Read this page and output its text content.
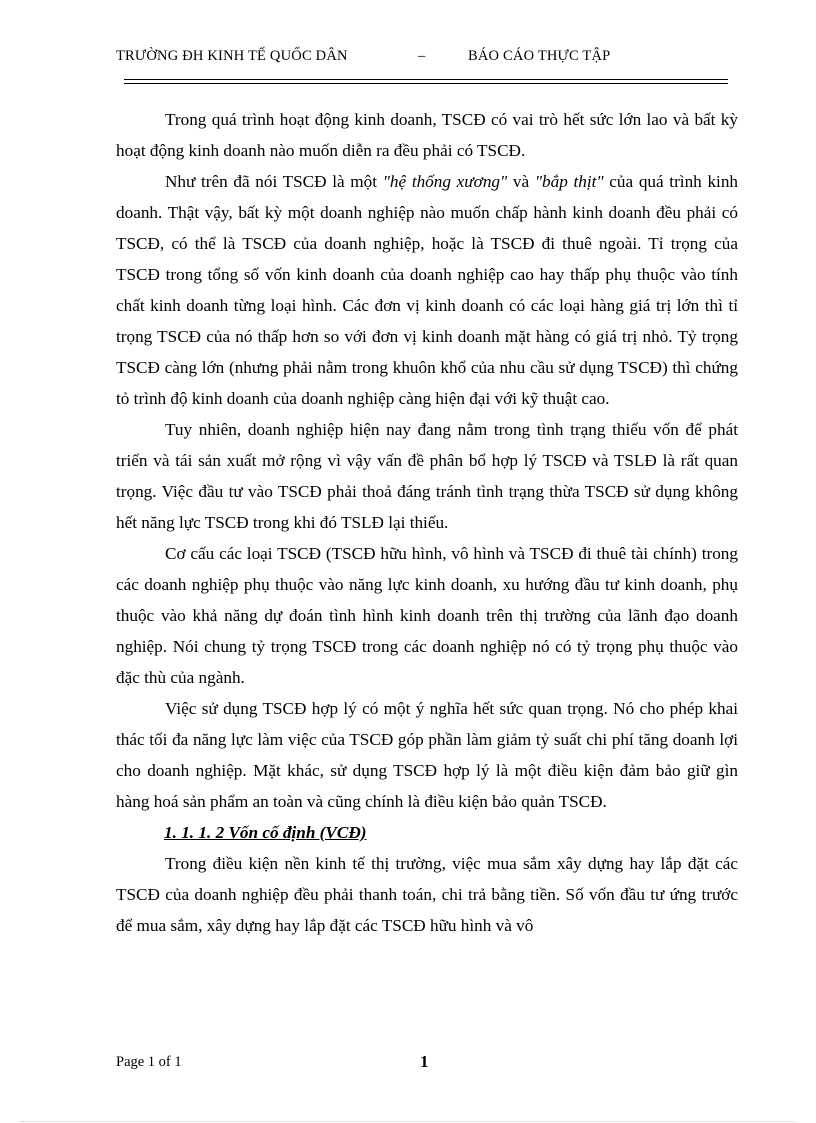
TRƯỜNG ĐH KINH TẾ QUỐC DÂN	–	BÁO CÁO THỰC TẬP

Trong quá trình hoạt động kinh doanh, TSCĐ có vai trò hết sức lớn lao và bất kỳ hoạt động kinh doanh nào muốn diễn ra đều phải có TSCĐ.

Như trên đã nói TSCĐ là một "hệ thống xương" và "bắp thịt" của quá trình kinh doanh. Thật vậy, bất kỳ một doanh nghiệp nào muốn chấp hành kinh doanh đều phải có TSCĐ, có thể là TSCĐ của doanh nghiệp, hoặc là TSCĐ đi thuê ngoài. Tỉ trọng của TSCĐ trong tổng số vốn kinh doanh của doanh nghiệp cao hay thấp phụ thuộc vào tính chất kinh doanh từng loại hình. Các đơn vị kinh doanh có các loại hàng giá trị lớn thì tỉ trọng TSCĐ của nó thấp hơn so với đơn vị kinh doanh mặt hàng có giá trị nhỏ. Tỷ trọng TSCĐ càng lớn (nhưng phải nằm trong khuôn khổ của nhu cầu sử dụng TSCĐ) thì chứng tỏ trình độ kinh doanh của doanh nghiệp càng hiện đại với kỹ thuật cao.

Tuy nhiên, doanh nghiệp hiện nay đang nằm trong tình trạng thiếu vốn để phát triển và tái sản xuất mở rộng vì vậy vấn đề phân bổ hợp lý TSCĐ và TSLĐ là rất quan trọng. Việc đầu tư vào TSCĐ phải thoả đáng tránh tình trạng thừa TSCĐ sử dụng không hết năng lực TSCĐ trong khi đó TSLĐ lại thiếu.

Cơ cấu các loại TSCĐ (TSCĐ hữu hình, vô hình và TSCĐ đi thuê tài chính) trong các doanh nghiệp phụ thuộc vào năng lực kinh doanh, xu hướng đầu tư kinh doanh, phụ thuộc vào khả năng dự đoán tình hình kinh doanh trên thị trường của lãnh đạo doanh nghiệp. Nói chung tỷ trọng TSCĐ trong các doanh nghiệp nó có tỷ trọng phụ thuộc vào đặc thù của ngành.

Việc sử dụng TSCĐ hợp lý có một ý nghĩa hết sức quan trọng. Nó cho phép khai thác tối đa năng lực làm việc của TSCĐ góp phần làm giảm tỷ suất chi phí tăng doanh lợi cho doanh nghiệp. Mặt khác, sử dụng TSCĐ hợp lý là một điều kiện đảm bảo giữ gìn hàng hoá sản phẩm an toàn và cũng chính là điều kiện bảo quản TSCĐ.

1. 1. 1. 2 Vốn cố định (VCĐ)

Trong điều kiện nền kinh tế thị trường, việc mua sắm xây dựng hay lắp đặt các TSCĐ của doanh nghiệp đều phải thanh toán, chi trả bằng tiền. Số vốn đầu tư ứng trước để mua sắm, xây dựng hay lắp đặt các TSCĐ hữu hình và vô

Page 1 of 1	1
